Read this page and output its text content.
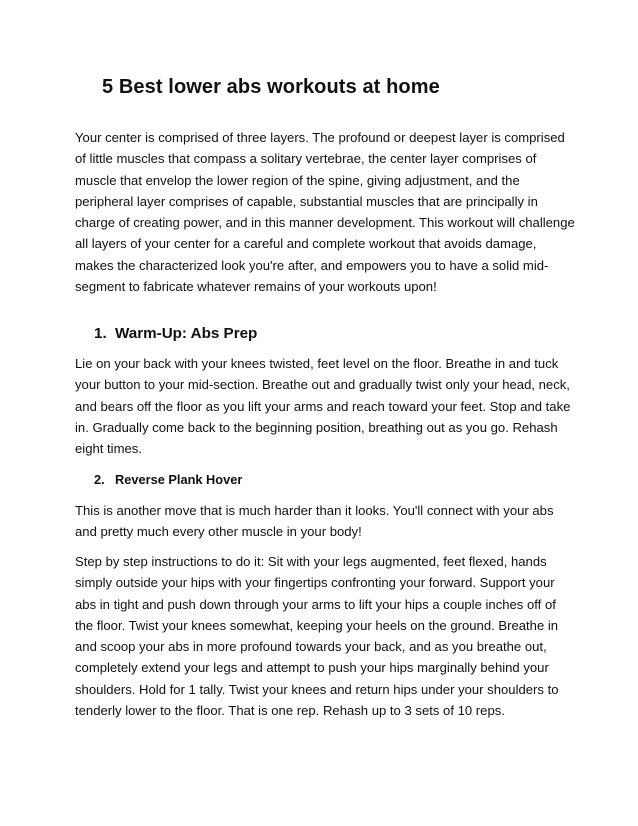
5 Best lower abs workouts at home

Your center is comprised of three layers. The profound or deepest layer is comprised of little muscles that compass a solitary vertebrae, the center layer comprises of muscle that envelop the lower region of the spine, giving adjustment, and the peripheral layer comprises of capable, substantial muscles that are principally in charge of creating power, and in this manner development. This workout will challenge all layers of your center for a careful and complete workout that avoids damage, makes the characterized look you're after, and empowers you to have a solid mid-segment to fabricate whatever remains of your workouts upon!

1. Warm-Up: Abs Prep

Lie on your back with your knees twisted, feet level on the floor. Breathe in and tuck your button to your mid-section. Breathe out and gradually twist only your head, neck, and bears off the floor as you lift your arms and reach toward your feet. Stop and take in. Gradually come back to the beginning position, breathing out as you go. Rehash eight times.

2. Reverse Plank Hover

This is another move that is much harder than it looks. You'll connect with your abs and pretty much every other muscle in your body!

Step by step instructions to do it: Sit with your legs augmented, feet flexed, hands simply outside your hips with your fingertips confronting your forward. Support your abs in tight and push down through your arms to lift your hips a couple inches off of the floor. Twist your knees somewhat, keeping your heels on the ground. Breathe in and scoop your abs in more profound towards your back, and as you breathe out, completely extend your legs and attempt to push your hips marginally behind your shoulders. Hold for 1 tally. Twist your knees and return hips under your shoulders to tenderly lower to the floor. That is one rep. Rehash up to 3 sets of 10 reps.
